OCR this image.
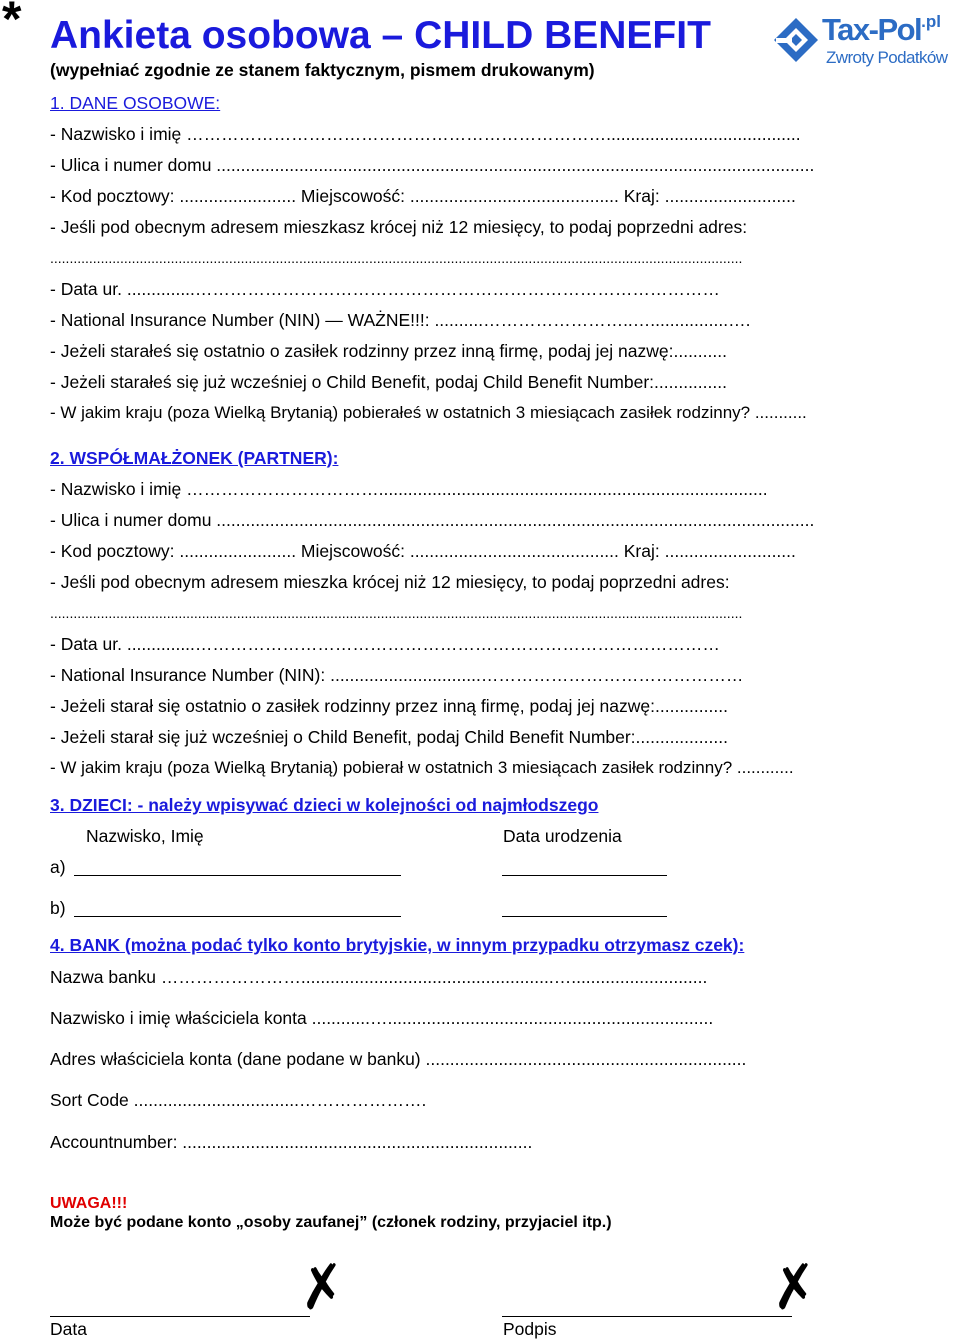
* Ankieta osobowa – CHILD BENEFIT	Tax-Pol$^{.pl}$
Zwroty Podatków

(wypełniać zgodnie ze stanem faktycznym, pismem drukowanym)

1. DANE OSOBOWE:

- Nazwisko i imię ………………………………………………………………........................................

- Ulica i numer domu ...........................................................................................................................

- Kod pocztowy: ........................ Miejscowość: ........................................... Kraj: ...........................

- Jeśli pod obecnym adresem mieszkasz krócej niż 12 miesięcy, to podaj poprzedni adres:

..................................................................................................................................................................................

- Data ur. ..............………………………………………………………………………………

- National Insurance Number (NIN) — WAŻNE!!!: ..........……………………..…................….

- Jeżeli starałeś się ostatnio o zasiłek rodzinny przez inną firmę, podaj jej nazwę:...........

- Jeżeli starałeś się już wcześniej o Child Benefit, podaj Child Benefit Number:...............

- W jakim kraju (poza Wielką Brytanią) pobierałeś w ostatnich 3 miesiącach zasiłek rodzinny? ...........

2. WSPÓŁMAŁŻONEK (PARTNER):

- Nazwisko i imię ……………………………................................................................................

- Ulica i numer domu ...........................................................................................................................

- Kod pocztowy: ........................ Miejscowość: ........................................... Kraj: ...........................

- Jeśli pod obecnym adresem mieszka krócej niż 12 miesięcy, to podaj poprzedni adres:

..................................................................................................................................................................................

- Data ur. ..............………………………………………………………………………………

- National Insurance Number (NIN): ...............................………………………………………

- Jeżeli starał się ostatnio o zasiłek rodzinny przez inną firmę, podaj jej nazwę:...............

- Jeżeli starał się już wcześniej o Child Benefit, podaj Child Benefit Number:...................

- W jakim kraju (poza Wielką Brytanią) pobierał w ostatnich 3 miesiącach zasiłek rodzinny? ............

3. DZIECI: - należy wpisywać dzieci w kolejności od najmłodszego

Nazwisko, Imię	Data urodzenia
a)
b)

4. BANK (można podać tylko konto brytyjskie, w innym przypadku otrzymasz czek):

Nazwa banku ……………………....................................................…............................

Nazwisko i imię właściciela konta ............…...................................................................

Adres właściciela konta (dane podane w banku) ..................................................................

Sort Code ..................................………………….

Accountnumber: ........................................................................

UWAGA!!!

Może być podane konto „osoby zaufanej” (członek rodziny, przyjaciel itp.)

✗	✗
Data	Podpis
